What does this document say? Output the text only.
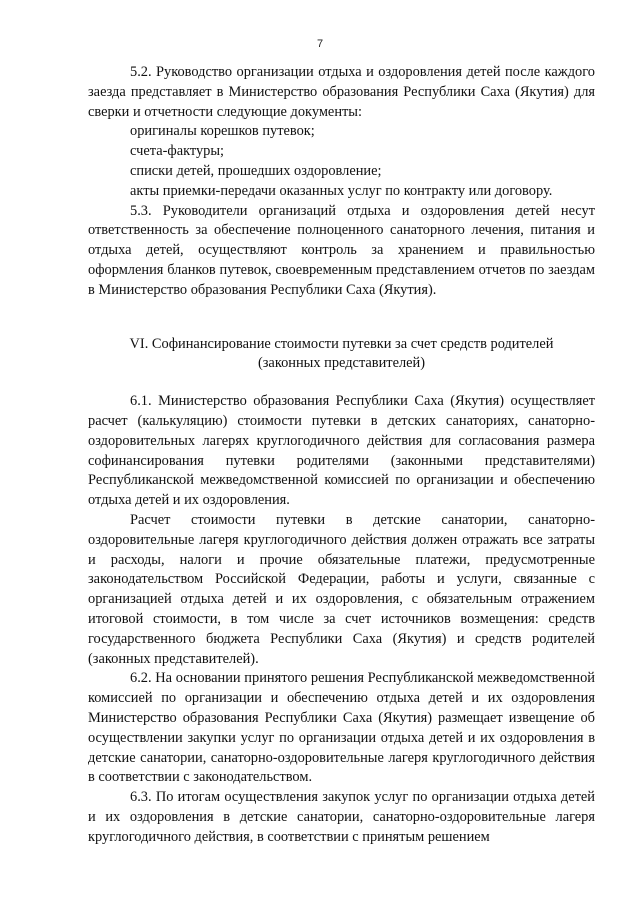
7

5.2. Руководство организации отдыха и оздоровления детей после каждого заезда представляет в Министерство образования Республики Саха (Якутия) для сверки и отчетности следующие документы:

оригиналы корешков путевок;

счета-фактуры;

списки детей, прошедших оздоровление;

акты приемки-передачи оказанных услуг по контракту или договору.

5.3. Руководители организаций отдыха и оздоровления детей несут ответственность за обеспечение полноценного санаторного лечения, питания и отдыха детей, осуществляют контроль за хранением и правильностью оформления бланков путевок, своевременным представлением отчетов по заездам в Министерство образования Республики Саха (Якутия).

VI. Софинансирование стоимости путевки за счет средств родителей

(законных представителей)

6.1. Министерство образования Республики Саха (Якутия) осуществляет расчет (калькуляцию) стоимости путевки в детских санаториях, санаторно-оздоровительных лагерях круглогодичного действия для согласования размера софинансирования путевки родителями (законными представителями) Республиканской межведомственной комиссией по организации и обеспечению отдыха детей и их оздоровления.

Расчет стоимости путевки в детские санатории, санаторно-оздоровительные лагеря круглогодичного действия должен отражать все затраты и расходы, налоги и прочие обязательные платежи, предусмотренные законодательством Российской Федерации, работы и услуги, связанные с организацией отдыха детей и их оздоровления, с обязательным отражением итоговой стоимости, в том числе за счет источников возмещения: средств государственного бюджета Республики Саха (Якутия) и средств родителей (законных представителей).

6.2. На основании принятого решения Республиканской межведомственной комиссией по организации и обеспечению отдыха детей и их оздоровления Министерство образования Республики Саха (Якутия) размещает извещение об осуществлении закупки услуг по организации отдыха детей и их оздоровления в детские санатории, санаторно-оздоровительные лагеря круглогодичного действия в соответствии с законодательством.

6.3. По итогам осуществления закупок услуг по организации отдыха детей и их оздоровления в детские санатории, санаторно-оздоровительные лагеря круглогодичного действия, в соответствии с принятым решением
